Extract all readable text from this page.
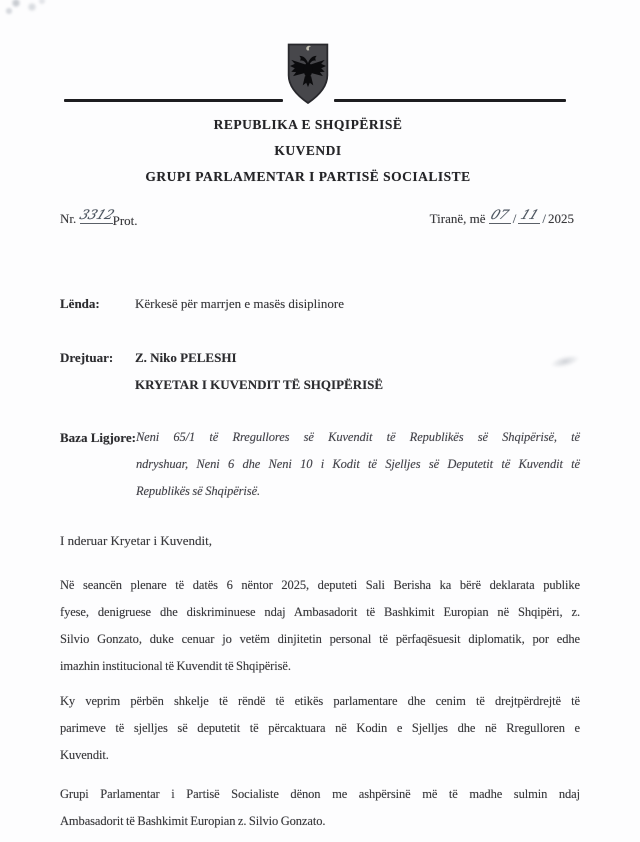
REPUBLIKA E SHQIPËRISË
KUVENDI
GRUPI PARLAMENTAR I PARTISË SOCIALISTE
Nr. 3312Prot.	Tiranë, më 07 / 11 / 2025
Lënda:	Kërkesë për marrjen e masës disiplinore
Drejtuar:	Z. Niko PELESHI
KRYETAR I KUVENDIT TË SHQIPËRISË
Baza Ligjore: Neni 65/1 të Rregullores së Kuvendit të Republikës së Shqipërisë, të
ndryshuar, Neni 6 dhe Neni 10 i Kodit të Sjelljes së Deputetit të Kuvendit të
Republikës së Shqipërisë.
I nderuar Kryetar i Kuvendit,
Në seancën plenare të datës 6 nëntor 2025, deputeti Sali Berisha ka bërë deklarata publike
fyese, denigruese dhe diskriminuese ndaj Ambasadorit të Bashkimit Europian në Shqipëri, z.
Silvio Gonzato, duke cenuar jo vetëm dinjitetin personal të përfaqësuesit diplomatik, por edhe
imazhin institucional të Kuvendit të Shqipërisë.
Ky veprim përbën shkelje të rëndë të etikës parlamentare dhe cenim të drejtpërdrejtë të
parimeve të sjelljes së deputetit të përcaktuara në Kodin e Sjelljes dhe në Rregulloren e
Kuvendit.
Grupi Parlamentar i Partisë Socialiste dënon me ashpërsinë më të madhe sulmin ndaj
Ambasadorit të Bashkimit Europian z. Silvio Gonzato.
